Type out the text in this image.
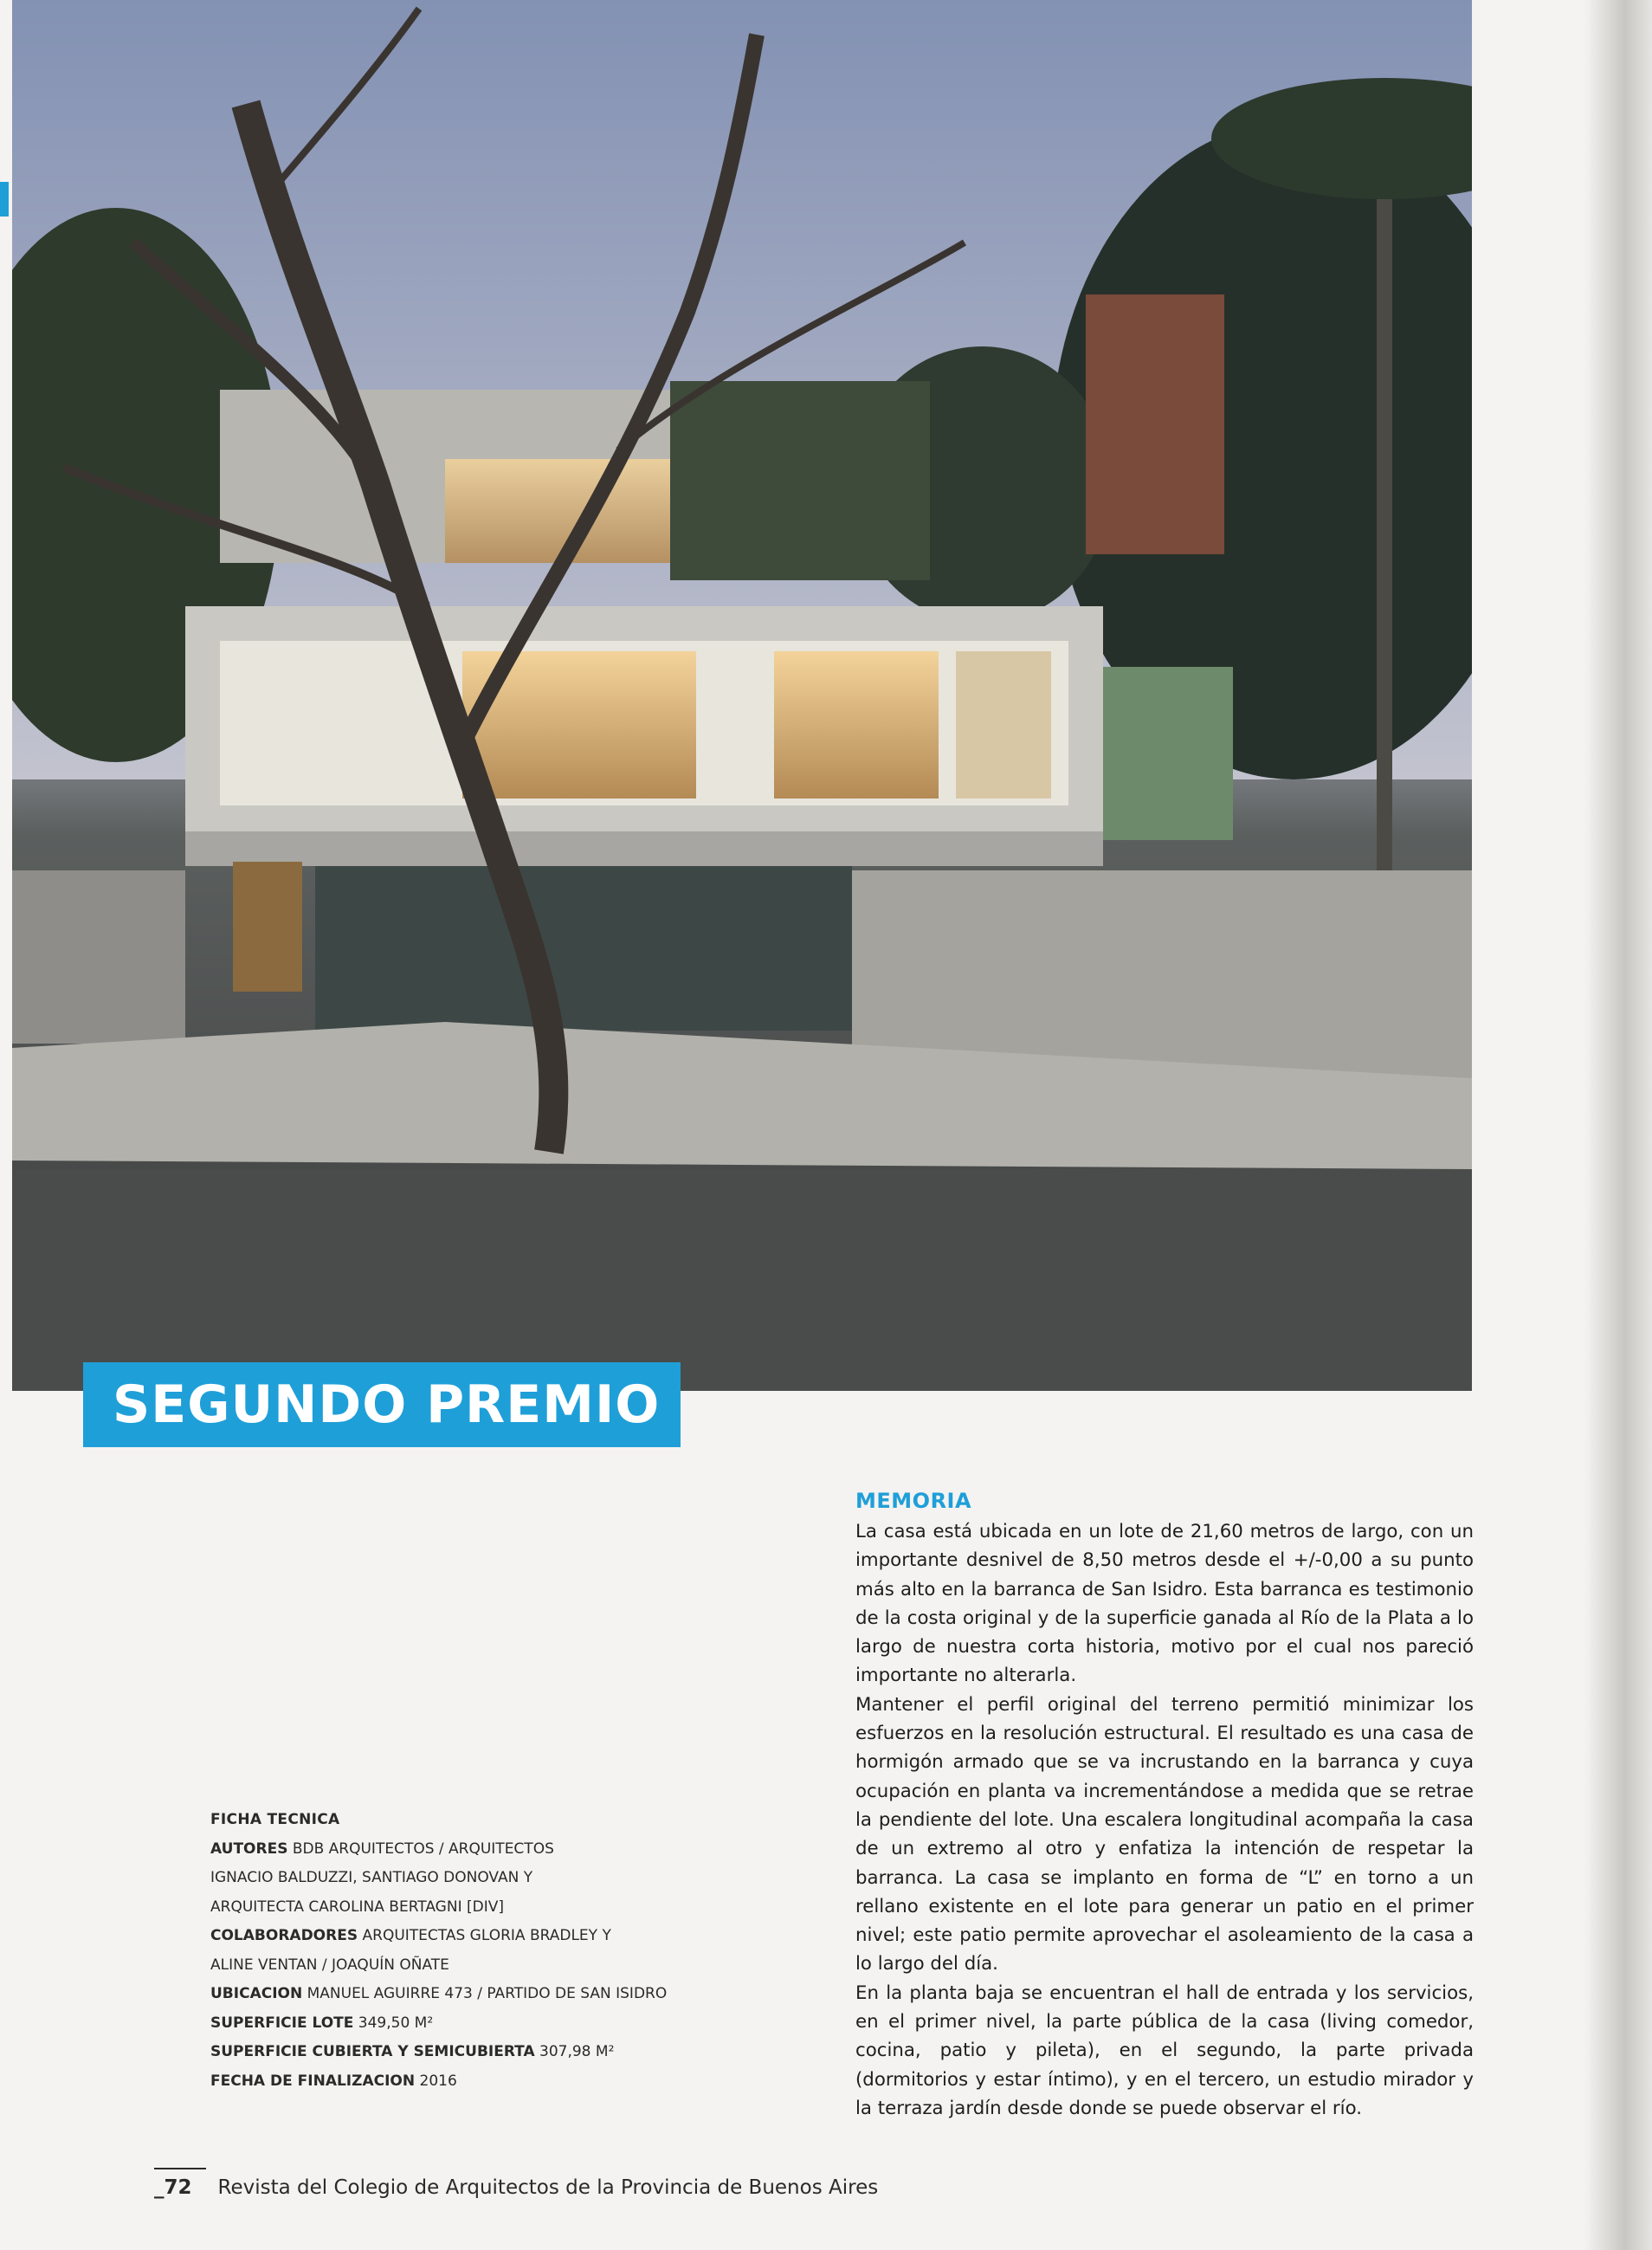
SEGUNDO PREMIO
FICHA TECNICA
AUTORES BDB ARQUITECTOS / ARQUITECTOS
IGNACIO BALDUZZI, SANTIAGO DONOVAN Y
ARQUITECTA CAROLINA BERTAGNI [DIV]
COLABORADORES ARQUITECTAS GLORIA BRADLEY Y
ALINE VENTAN / JOAQUÍN OÑATE
UBICACION MANUEL AGUIRRE 473 / PARTIDO DE SAN ISIDRO
SUPERFICIE LOTE 349,50 M²
SUPERFICIE CUBIERTA Y SEMICUBIERTA 307,98 M²
FECHA DE FINALIZACION 2016
MEMORIA

La casa está ubicada en un lote de 21,60 metros de largo, con un importante desnivel de 8,50 metros desde el +/-0,00 a su punto más alto en la barranca de San Isidro. Esta barranca es testimonio de la costa original y de la superficie ganada al Río de la Plata a lo largo de nuestra corta historia, motivo por el cual nos pareció importante no alterarla.

Mantener el perfil original del terreno permitió minimizar los esfuerzos en la resolución estructural. El resultado es una casa de hormigón armado que se va incrustando en la barranca y cuya ocupación en planta va incrementándose a medida que se retrae la pendiente del lote. Una escalera longitudinal acompaña la casa de un extremo al otro y enfatiza la intención de respetar la barranca. La casa se implanto en forma de “L” en torno a un rellano existente en el lote para generar un patio en el primer nivel; este patio permite aprovechar el asoleamiento de la casa a lo largo del día.

En la planta baja se encuentran el hall de entrada y los servicios, en el primer nivel, la parte pública de la casa (living comedor, cocina, patio y pileta), en el segundo, la parte privada (dormitorios y estar íntimo), y en el tercero, un estudio mirador y la terraza jardín desde donde se puede observar el río.

_72 Revista del Colegio de Arquitectos de la Provincia de Buenos Aires
